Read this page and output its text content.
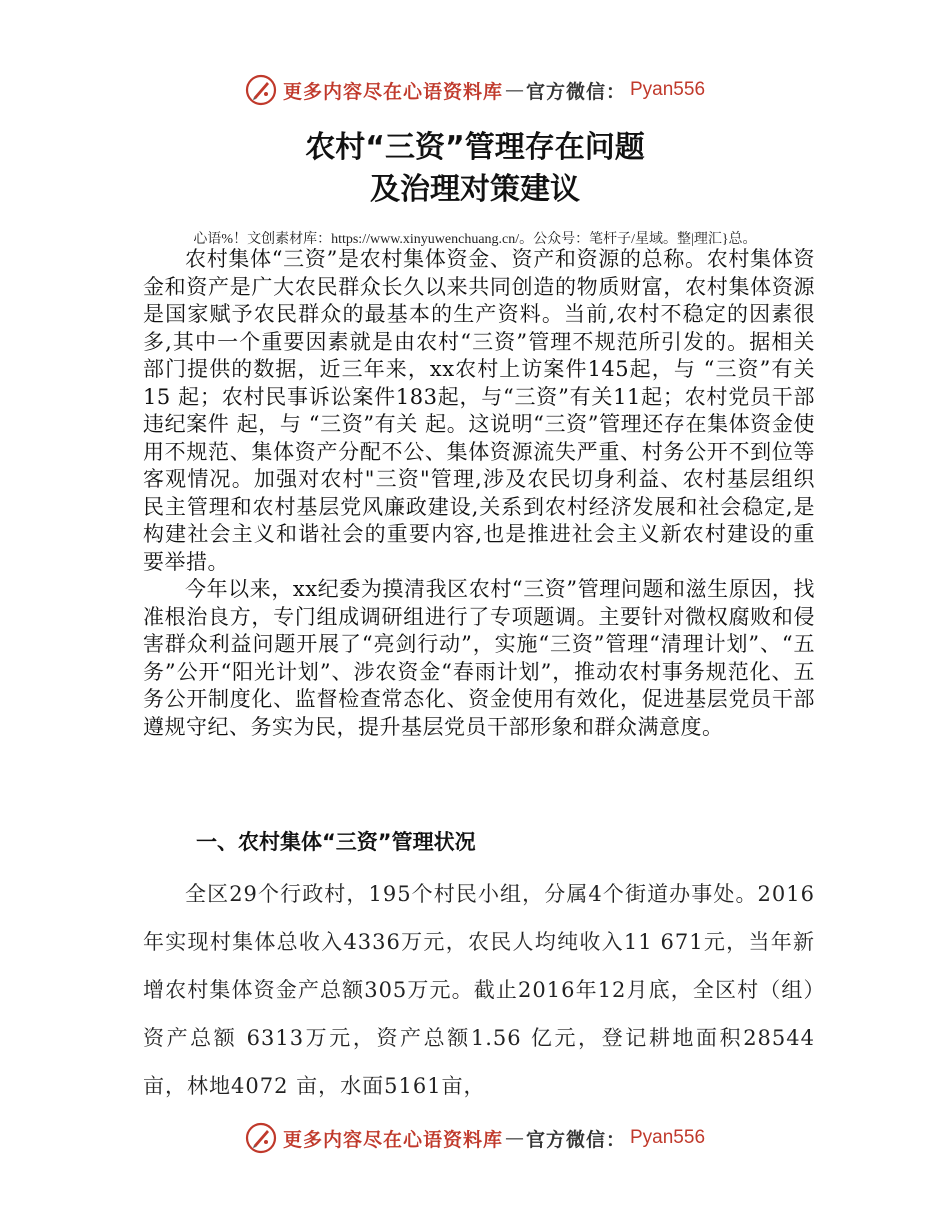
更多内容尽在心语资料库 — 官方微信： Pyan556
农村“三资”管理存在问题
及治理对策建议
心语%！文创素材库：https://www.xinyuwenchuang.cn/。公众号：笔杆子/星域。整|理汇}总。

农村集体“三资”是农村集体资金、资产和资源的总称。农村集体资金和资产是广大农民群众长久以来共同创造的物质财富，农村集体资源是国家赋予农民群众的最基本的生产资料。当前,农村不稳定的因素很多,其中一个重要因素就是由农村“三资”管理不规范所引发的。据相关部门提供的数据，近三年来，xx农村上访案件145起，与 “三资”有关15 起；农村民事诉讼案件183起，与“三资”有关11起；农村党员干部违纪案件 起，与 “三资”有关 起。这说明“三资”管理还存在集体资金使用不规范、集体资产分配不公、集体资源流失严重、村务公开不到位等客观情况。加强对农村"三资"管理,涉及农民切身利益、农村基层组织民主管理和农村基层党风廉政建设,关系到农村经济发展和社会稳定,是构建社会主义和谐社会的重要内容,也是推进社会主义新农村建设的重要举措。

今年以来，xx纪委为摸清我区农村“三资”管理问题和滋生原因，找准根治良方，专门组成调研组进行了专项题调。主要针对微权腐败和侵害群众利益问题开展了“亮剑行动”，实施“三资”管理“清理计划”、“五务”公开“阳光计划”、涉农资金“春雨计划”，推动农村事务规范化、五务公开制度化、监督检查常态化、资金使用有效化，促进基层党员干部遵规守纪、务实为民，提升基层党员干部形象和群众满意度。

一、农村集体“三资”管理状况

全区29个行政村，195个村民小组，分属4个街道办事处。2016年实现村集体总收入4336万元，农民人均纯收入11 671元，当年新增农村集体资金产总额305万元。截止2016年12月底，全区村（组）资产总额 6313万元，资产总额1.56 亿元，登记耕地面积28544亩，林地4072 亩，水面5161亩，

更多内容尽在心语资料库 — 官方微信： Pyan556
